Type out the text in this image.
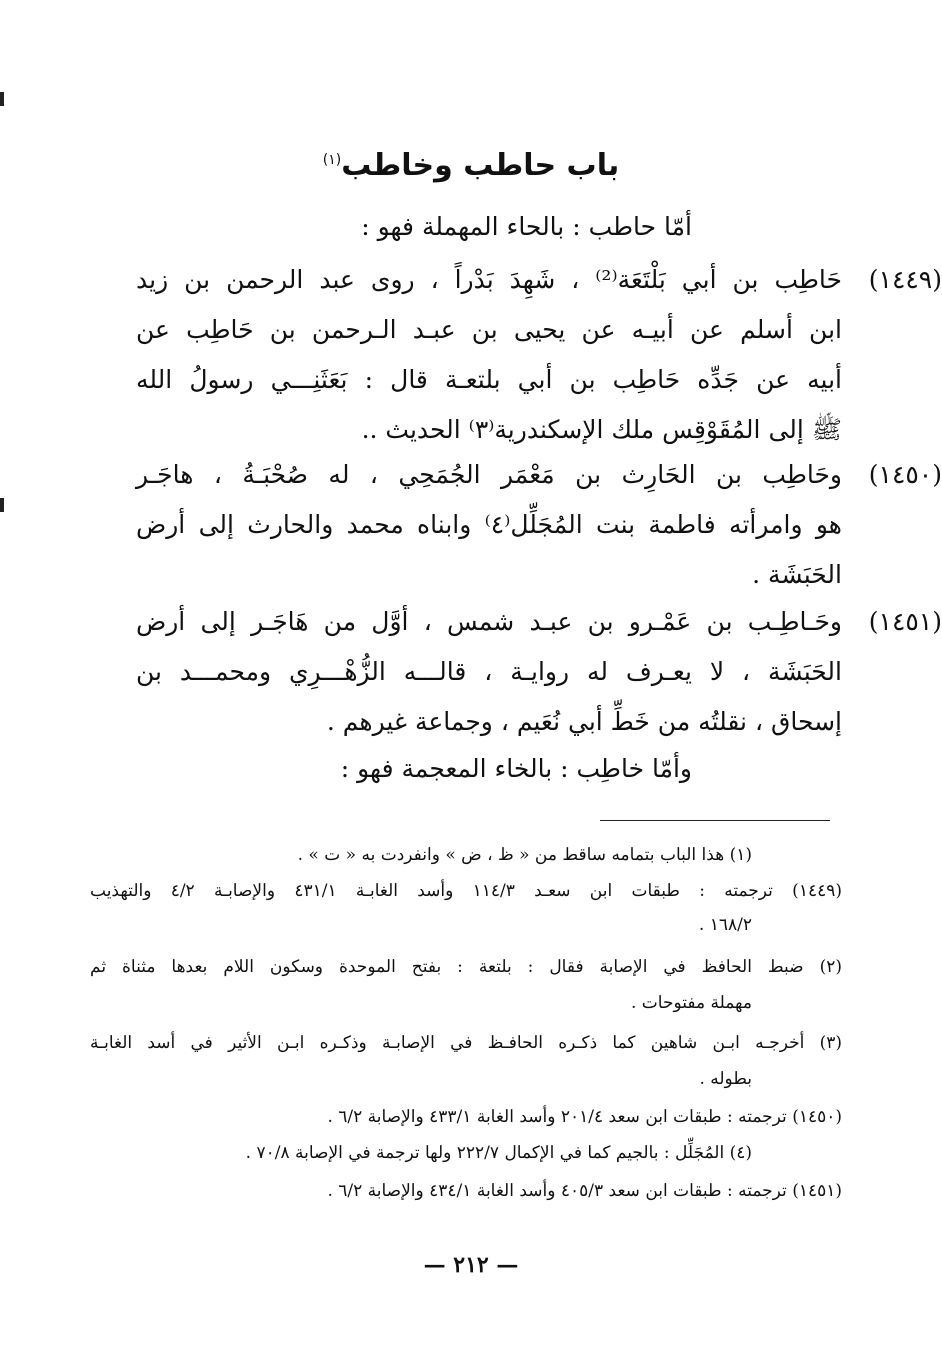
باب حاطب وخاطب$^{(١)}$
أمّا حاطب : بالحاء المهملة فهو :
(١٤٤٩)
حَاطِب بن أبي بَلْتَعَة⁽²⁾ ، شَهِدَ بَدْراً ، روى عبد الرحمن بن زيد
ابن أسلم عن أبيـه عن يحيى بن عبـد الـرحمن بن حَاطِب عن
أبيه عن جَدِّه حَاطِب بن أبي بلتعـة قال : بَعَثَنِـــي رسولُ الله
ﷺ إلى المُقَوْقِس ملك الإسكندرية⁽٣⁾ الحديث ..
(١٤٥٠)
وحَاطِب بن الحَارِث بن مَعْمَر الجُمَحِي ، له صُحْبَـةُ ، هاجَـر
هو وامرأته فاطمة بنت المُجَلِّل⁽٤⁾ وابناه محمد والحارث إلى أرض
الحَبَشَة .
(١٤٥١)
وحَـاطِـب بن عَمْـرو بن عبـد شمس ، أوَّل من هَاجَـر إلى أرض
الحَبَشَة ، لا يعـرف له روايـة ، قالـــه الزُّهْـــرِي ومحمـــد بن
إسحاق ، نقلتُه من خَطِّ أبي نُعَيم ، وجماعة غيرهم .
وأمّا خاطِب : بالخاء المعجمة فهو :
(١) هذا الباب بتمامه ساقط من « ظ ، ض » وانفردت به « ت » .
(١٤٤٩) ترجمته : طبقات ابن سعـد ١١٤/٣ وأسد الغابـة ٤٣١/١ والإصابـة ٤/٢ والتهذيب
١٦٨/٢ .
(٢) ضبط الحافظ في الإصابة فقال : بلتعة : بفتح الموحدة وسكون اللام بعدها مثناة ثم
مهملة مفتوحات .
(٣) أخرجـه ابـن شاهين كما ذكـره الحافـظ في الإصابـة وذكـره ابـن الأثير في أسد الغابـة
بطوله .
(١٤٥٠) ترجمته : طبقات ابن سعد ٢٠١/٤ وأسد الغابة ٤٣٣/١ والإصابة ٦/٢ .
(٤) المُجَلِّل : بالجيم كما في الإكمال ٢٢٢/٧ ولها ترجمة في الإصابة ٧٠/٨ .
(١٤٥١) ترجمته : طبقات ابن سعد ٤٠٥/٣ وأسد الغابة ٤٣٤/١ والإصابة ٦/٢ .
— ٢١٢ —
